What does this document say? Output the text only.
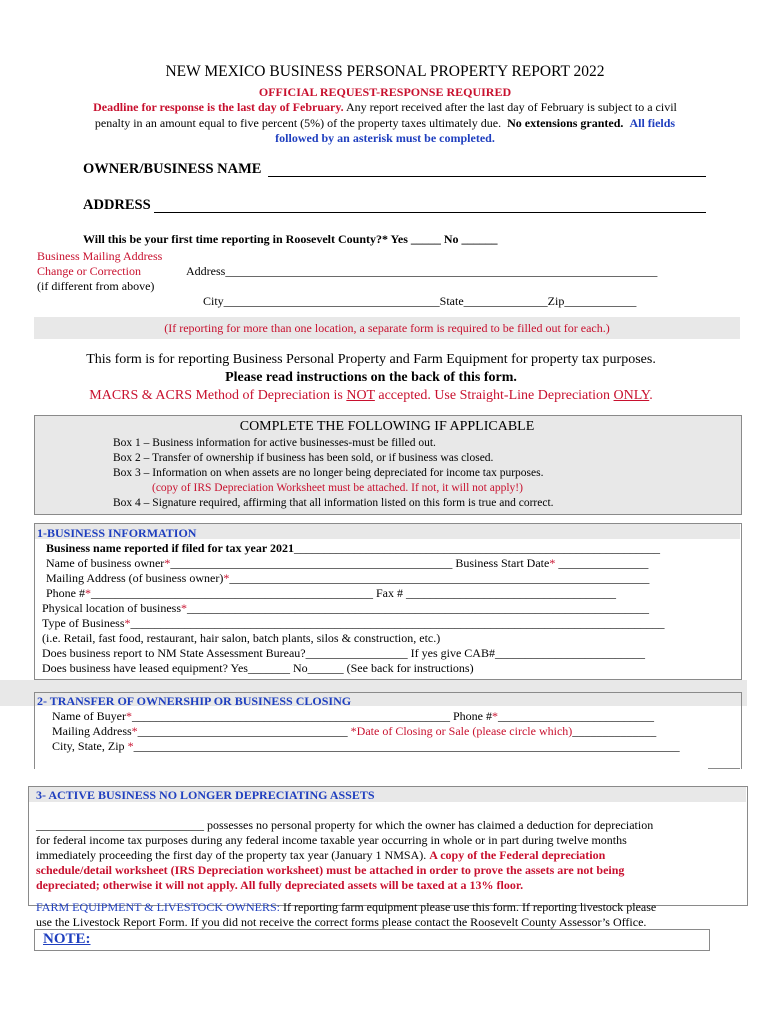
NEW MEXICO BUSINESS PERSONAL PROPERTY REPORT 2022
OFFICIAL REQUEST-RESPONSE REQUIRED
Deadline for response is the last day of February. Any report received after the last day of February is subject to a civil
penalty in an amount equal to five percent (5%) of the property taxes ultimately due. No extensions granted. All fields
followed by an asterisk must be completed.
OWNER/BUSINESS NAME
ADDRESS
Will this be your first time reporting in Roosevelt County?* Yes _____ No ______
Business Mailing Address
Change or Correction
(if different from above)
Address________________________________________________________________________
City____________________________________State______________Zip____________
(If reporting for more than one location, a separate form is required to be filled out for each.)
This form is for reporting Business Personal Property and Farm Equipment for property tax purposes.
Please read instructions on the back of this form.
MACRS & ACRS Method of Depreciation is NOT accepted. Use Straight-Line Depreciation ONLY.
COMPLETE THE FOLLOWING IF APPLICABLE
Box 1 – Business information for active businesses-must be filled out.
Box 2 – Transfer of ownership if business has been sold, or if business was closed.
Box 3 – Information on when assets are no longer being depreciated for income tax purposes.
(copy of IRS Depreciation Worksheet must be attached. If not, it will not apply!)
Box 4 – Signature required, affirming that all information listed on this form is true and correct.
1-BUSINESS INFORMATION
Business name reported if filed for tax year 2021_____________________________________________________________
Name of business owner*_______________________________________________ Business Start Date* _______________
Mailing Address (of business owner)*______________________________________________________________________
Phone #*_______________________________________________ Fax # ___________________________________
Physical location of business*_____________________________________________________________________________
Type of Business*_________________________________________________________________________________________
(i.e. Retail, fast food, restaurant, hair salon, batch plants, silos & construction, etc.)
Does business report to NM State Assessment Bureau?_________________ If yes give CAB#_________________________
Does business have leased equipment? Yes_______ No______ (See back for instructions)
2- TRANSFER OF OWNERSHIP OR BUSINESS CLOSING
Name of Buyer*_____________________________________________________ Phone #*__________________________
Mailing Address*___________________________________ *Date of Closing or Sale (please circle which)______________
City, State, Zip *___________________________________________________________________________________________
3- ACTIVE BUSINESS NO LONGER DEPRECIATING ASSETS
____________________________ possesses no personal property for which the owner has claimed a deduction for depreciation
for federal income tax purposes during any federal income taxable year occurring in whole or in part during twelve months
immediately proceeding the first day of the property tax year (January 1 NMSA). A copy of the Federal depreciation
schedule/detail worksheet (IRS Depreciation worksheet) must be attached in order to prove the assets are not being
depreciated; otherwise it will not apply. All fully depreciated assets will be taxed at a 13% floor.
FARM EQUIPMENT & LIVESTOCK OWNERS: If reporting farm equipment please use this form. If reporting livestock please
use the Livestock Report Form. If you did not receive the correct forms please contact the Roosevelt County Assessor’s Office.
NOTE:
